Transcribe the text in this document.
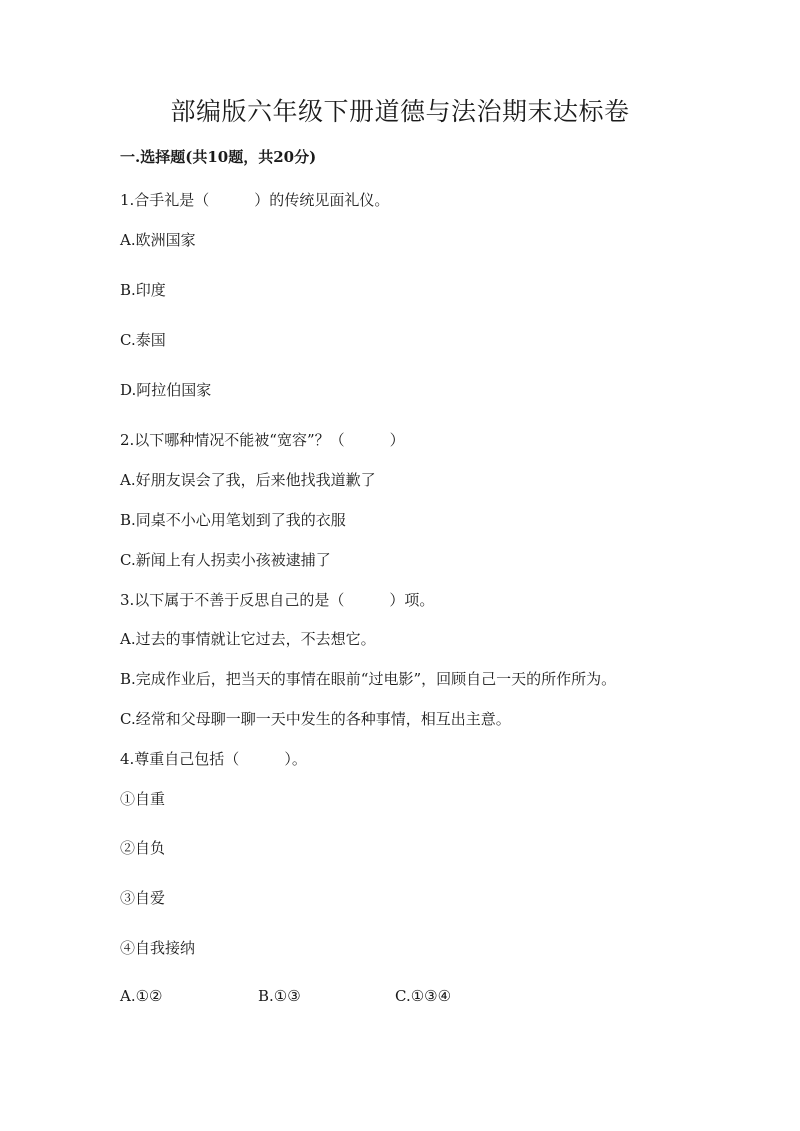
部编版六年级下册道德与法治期末达标卷

一.选择题(共10题，共20分)

1.合手礼是（　　　）的传统见面礼仪。

A.欧洲国家

B.印度

C.泰国

D.阿拉伯国家

2.以下哪种情况不能被“宽容”？（　　　）

A.好朋友误会了我，后来他找我道歉了

B.同桌不小心用笔划到了我的衣服

C.新闻上有人拐卖小孩被逮捕了

3.以下属于不善于反思自己的是（　　　）项。

A.过去的事情就让它过去，不去想它。

B.完成作业后，把当天的事情在眼前“过电影”，回顾自己一天的所作所为。

C.经常和父母聊一聊一天中发生的各种事情，相互出主意。

4.尊重自己包括（　　　）。

①自重

②自负

③自爱

④自我接纳

A.①②	B.①③	C.①③④
